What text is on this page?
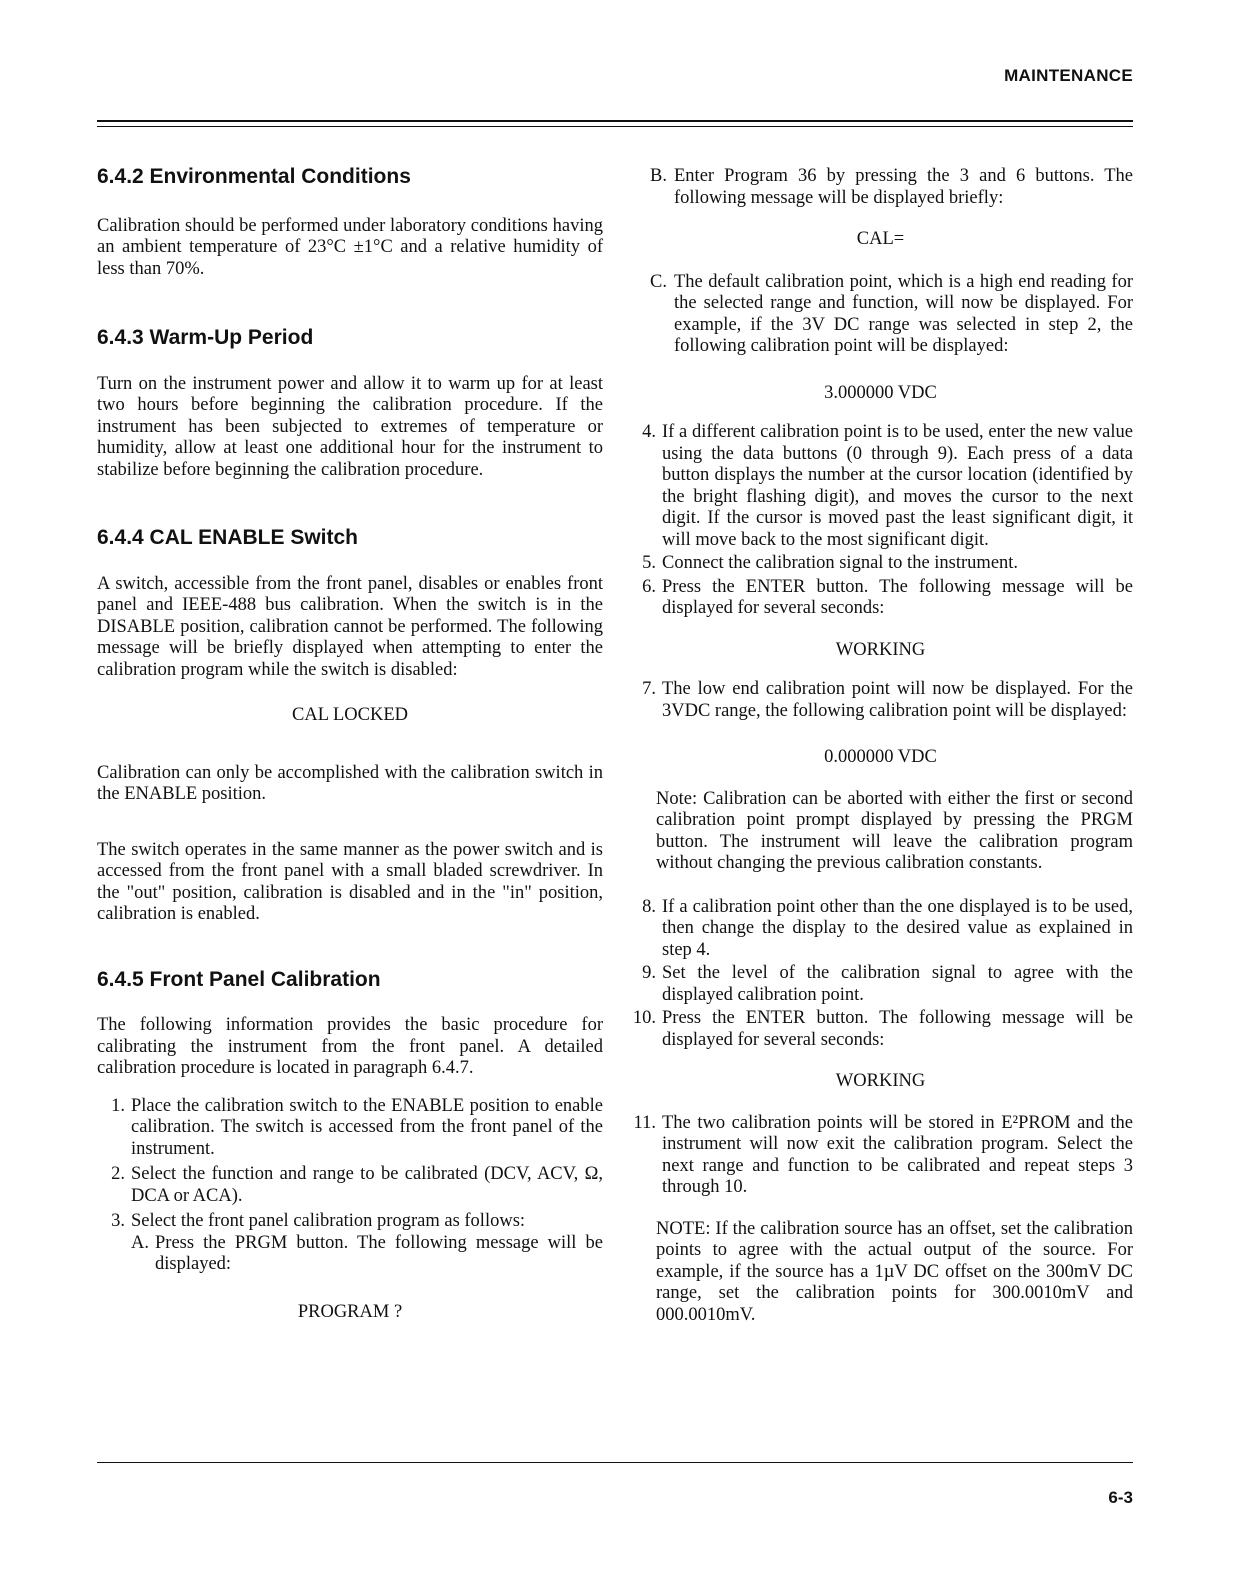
MAINTENANCE
6.4.2 Environmental Conditions

Calibration should be performed under laboratory conditions having an ambient temperature of 23°C ±1°C and a relative humidity of less than 70%.

6.4.3 Warm-Up Period

Turn on the instrument power and allow it to warm up for at least two hours before beginning the calibration procedure. If the instrument has been subjected to extremes of temperature or humidity, allow at least one additional hour for the instrument to stabilize before beginning the calibration procedure.

6.4.4 CAL ENABLE Switch

A switch, accessible from the front panel, disables or enables front panel and IEEE-488 bus calibration. When the switch is in the DISABLE position, calibration cannot be performed. The following message will be briefly displayed when attempting to enter the calibration program while the switch is disabled:

CAL LOCKED

Calibration can only be accomplished with the calibration switch in the ENABLE position.

The switch operates in the same manner as the power switch and is accessed from the front panel with a small bladed screwdriver. In the "out" position, calibration is disabled and in the "in" position, calibration is enabled.

6.4.5 Front Panel Calibration

The following information provides the basic procedure for calibrating the instrument from the front panel. A detailed calibration procedure is located in paragraph 6.4.7.

1. Place the calibration switch to the ENABLE position to enable calibration. The switch is accessed from the front panel of the instrument.
2. Select the function and range to be calibrated (DCV, ACV, Ω, DCA or ACA).
3. Select the front panel calibration program as follows:
A. Press the PRGM button. The following message will be displayed:

PROGRAM ?

B. Enter Program 36 by pressing the 3 and 6 buttons. The following message will be displayed briefly:

CAL=

C. The default calibration point, which is a high end reading for the selected range and function, will now be displayed. For example, if the 3V DC range was selected in step 2, the following calibration point will be displayed:

3.000000 VDC

4. If a different calibration point is to be used, enter the new value using the data buttons (0 through 9). Each press of a data button displays the number at the cursor location (identified by the bright flashing digit), and moves the cursor to the next digit. If the cursor is moved past the least significant digit, it will move back to the most significant digit.
5. Connect the calibration signal to the instrument.
6. Press the ENTER button. The following message will be displayed for several seconds:

WORKING

7. The low end calibration point will now be displayed. For the 3VDC range, the following calibration point will be displayed:

0.000000 VDC

Note: Calibration can be aborted with either the first or second calibration point prompt displayed by pressing the PRGM button. The instrument will leave the calibration program without changing the previous calibration constants.

8. If a calibration point other than the one displayed is to be used, then change the display to the desired value as explained in step 4.
9. Set the level of the calibration signal to agree with the displayed calibration point.
10. Press the ENTER button. The following message will be displayed for several seconds:

WORKING

11. The two calibration points will be stored in E²PROM and the instrument will now exit the calibration program. Select the next range and function to be calibrated and repeat steps 3 through 10.

NOTE: If the calibration source has an offset, set the calibration points to agree with the actual output of the source. For example, if the source has a 1µV DC offset on the 300mV DC range, set the calibration points for 300.0010mV and 000.0010mV.

6-3
